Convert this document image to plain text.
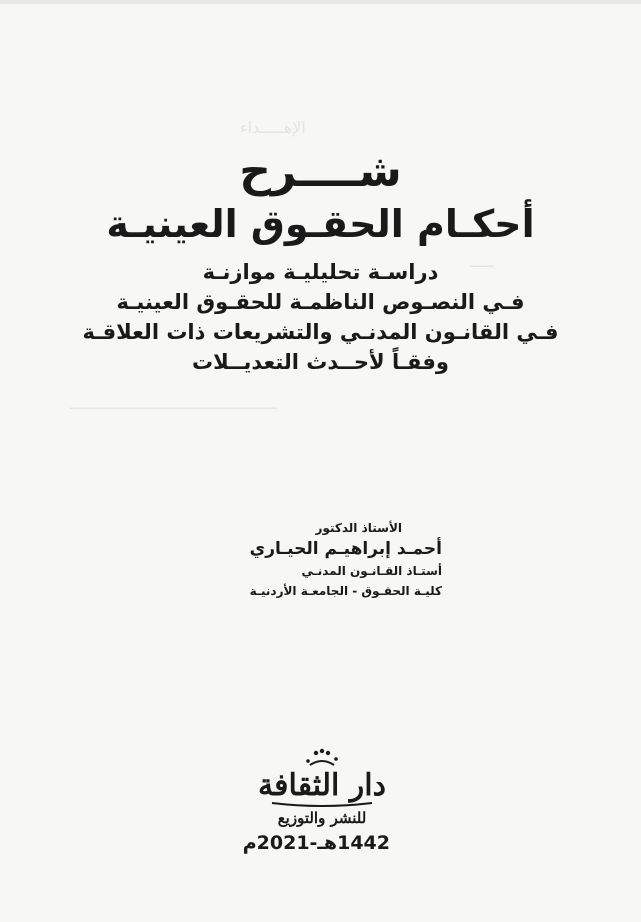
الإهـــــداء
ـــــ
ـــــــــــــــــــــــــــــــــــــــــــــــ
شــــرح
أحكـام الحقـوق العينيـة
دراسـة تحليليـة موازنـة
فـي النصـوص الناظمـة للحقـوق العينيـة
فـي القانـون المدنـي والتشريعات ذات العلاقـة
وفقـاً لأحــدث التعديــلات
الأستاذ الدكتور
أحمـد إبراهيـم الحيـاري
أستـاذ القـانـون المدنـي
كليـة الحقـوق - الجامعـة الأردنيـة
دار الثقافة
للنشر والتوزيع
1442هـ-2021م
